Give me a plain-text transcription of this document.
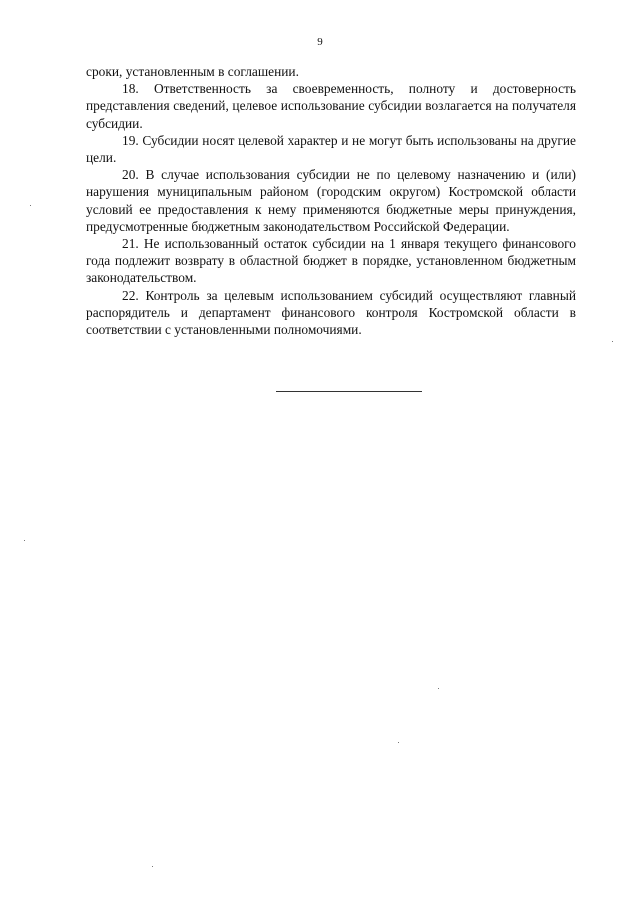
9

сроки, установленным в соглашении.

18. Ответственность за своевременность, полноту и достоверность представления сведений, целевое использование субсидии возлагается на получателя субсидии.

19. Субсидии носят целевой характер и не могут быть использованы на другие цели.

20. В случае использования субсидии не по целевому назначению и (или) нарушения муниципальным районом (городским округом) Костромской области условий ее предоставления к нему применяются бюджетные меры принуждения, предусмотренные бюджетным законодательством Российской Федерации.

21. Не использованный остаток субсидии на 1 января текущего финансового года подлежит возврату в областной бюджет в порядке, установленном бюджетным законодательством.

22. Контроль за целевым использованием субсидий осуществляют главный распорядитель и департамент финансового контроля Костромской области в соответствии с установленными полномочиями.
